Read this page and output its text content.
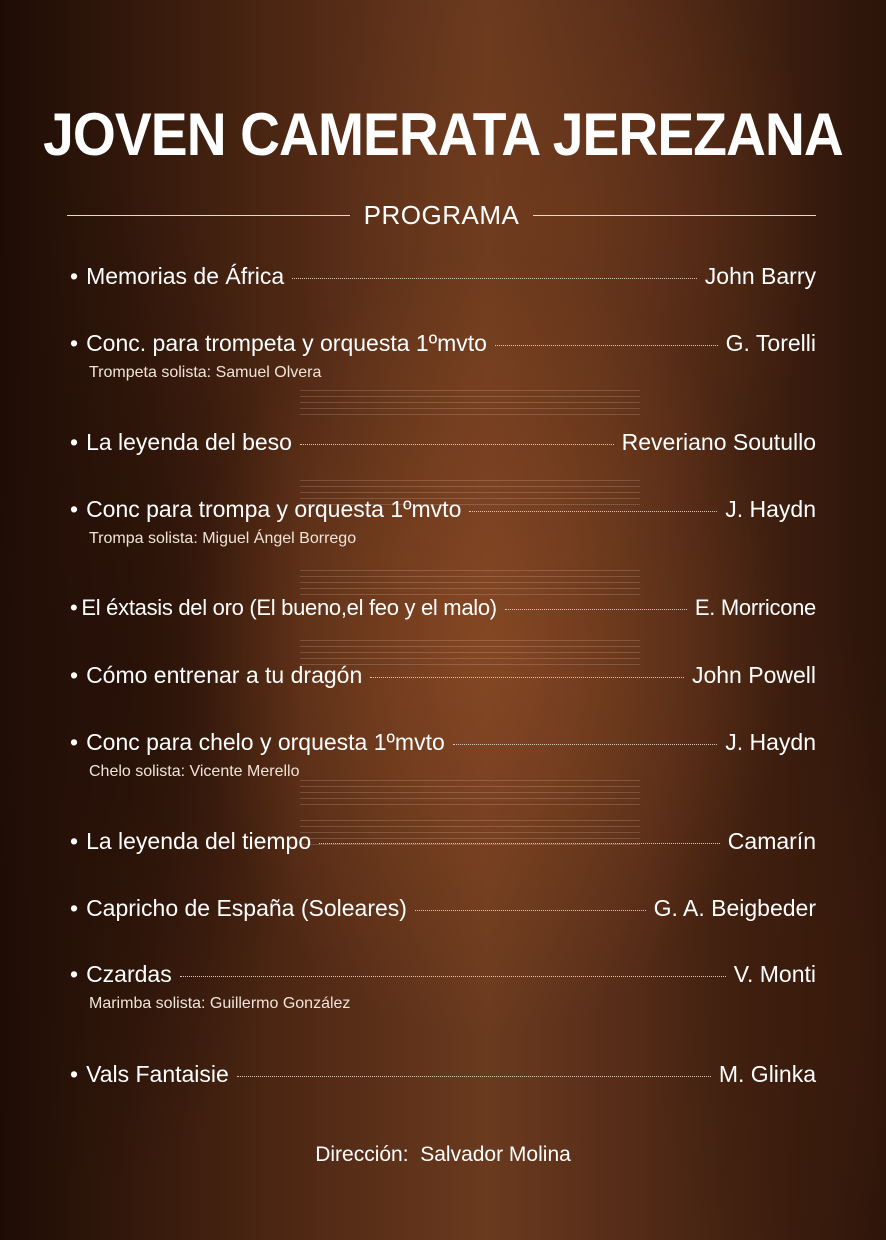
JOVEN CAMERATA JEREZANA
PROGRAMA
• Memorias de África	John Barry
• Conc. para trompeta y orquesta 1ºmvto	G. Torelli
Trompeta solista: Samuel Olvera
• La leyenda del beso	Reveriano Soutullo
• Conc para trompa y orquesta 1ºmvto	J. Haydn
Trompa solista: Miguel Ángel Borrego
• El éxtasis del oro (El bueno,el feo y el malo)	E. Morricone
• Cómo entrenar a tu dragón	John Powell
• Conc para chelo y orquesta 1ºmvto	J. Haydn
Chelo solista: Vicente Merello
• La leyenda del tiempo	Camarín
• Capricho de España (Soleares)	G. A. Beigbeder
• Czardas	V. Monti
Marimba solista: Guillermo González
• Vals Fantaisie	M. Glinka
Dirección:  Salvador Molina
